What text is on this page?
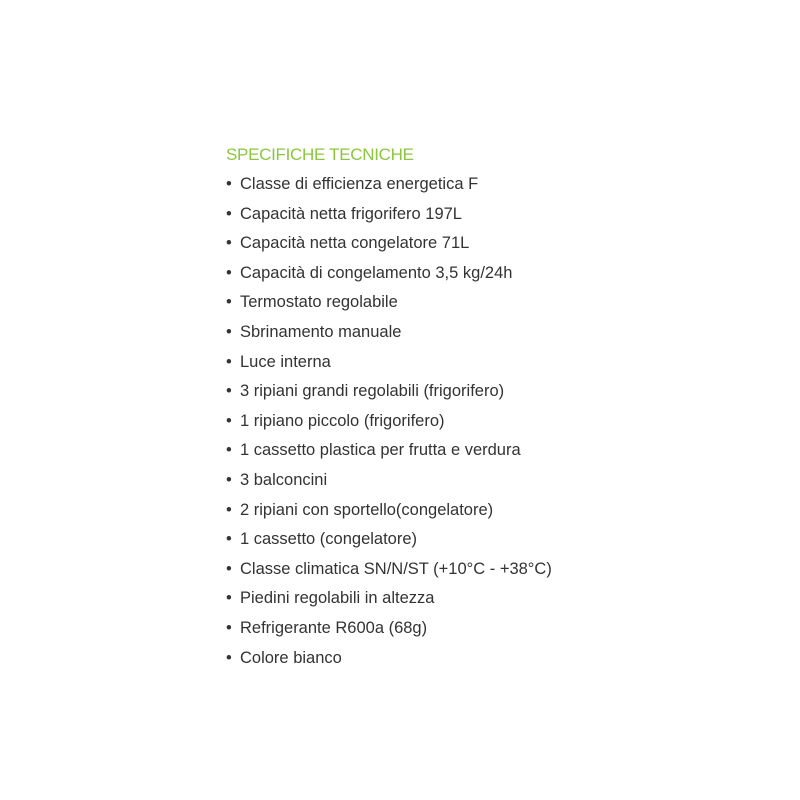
SPECIFICHE TECNICHE
• Classe di efficienza energetica F
• Capacità netta frigorifero 197L
• Capacità netta congelatore 71L
• Capacità di congelamento 3,5 kg/24h
• Termostato regolabile
• Sbrinamento manuale
• Luce interna
• 3 ripiani grandi regolabili (frigorifero)
• 1 ripiano piccolo (frigorifero)
• 1 cassetto plastica per frutta e verdura
• 3 balconcini
• 2 ripiani con sportello(congelatore)
• 1 cassetto (congelatore)
• Classe climatica SN/N/ST (+10°C - +38°C)
• Piedini regolabili in altezza
• Refrigerante R600a (68g)
• Colore bianco
